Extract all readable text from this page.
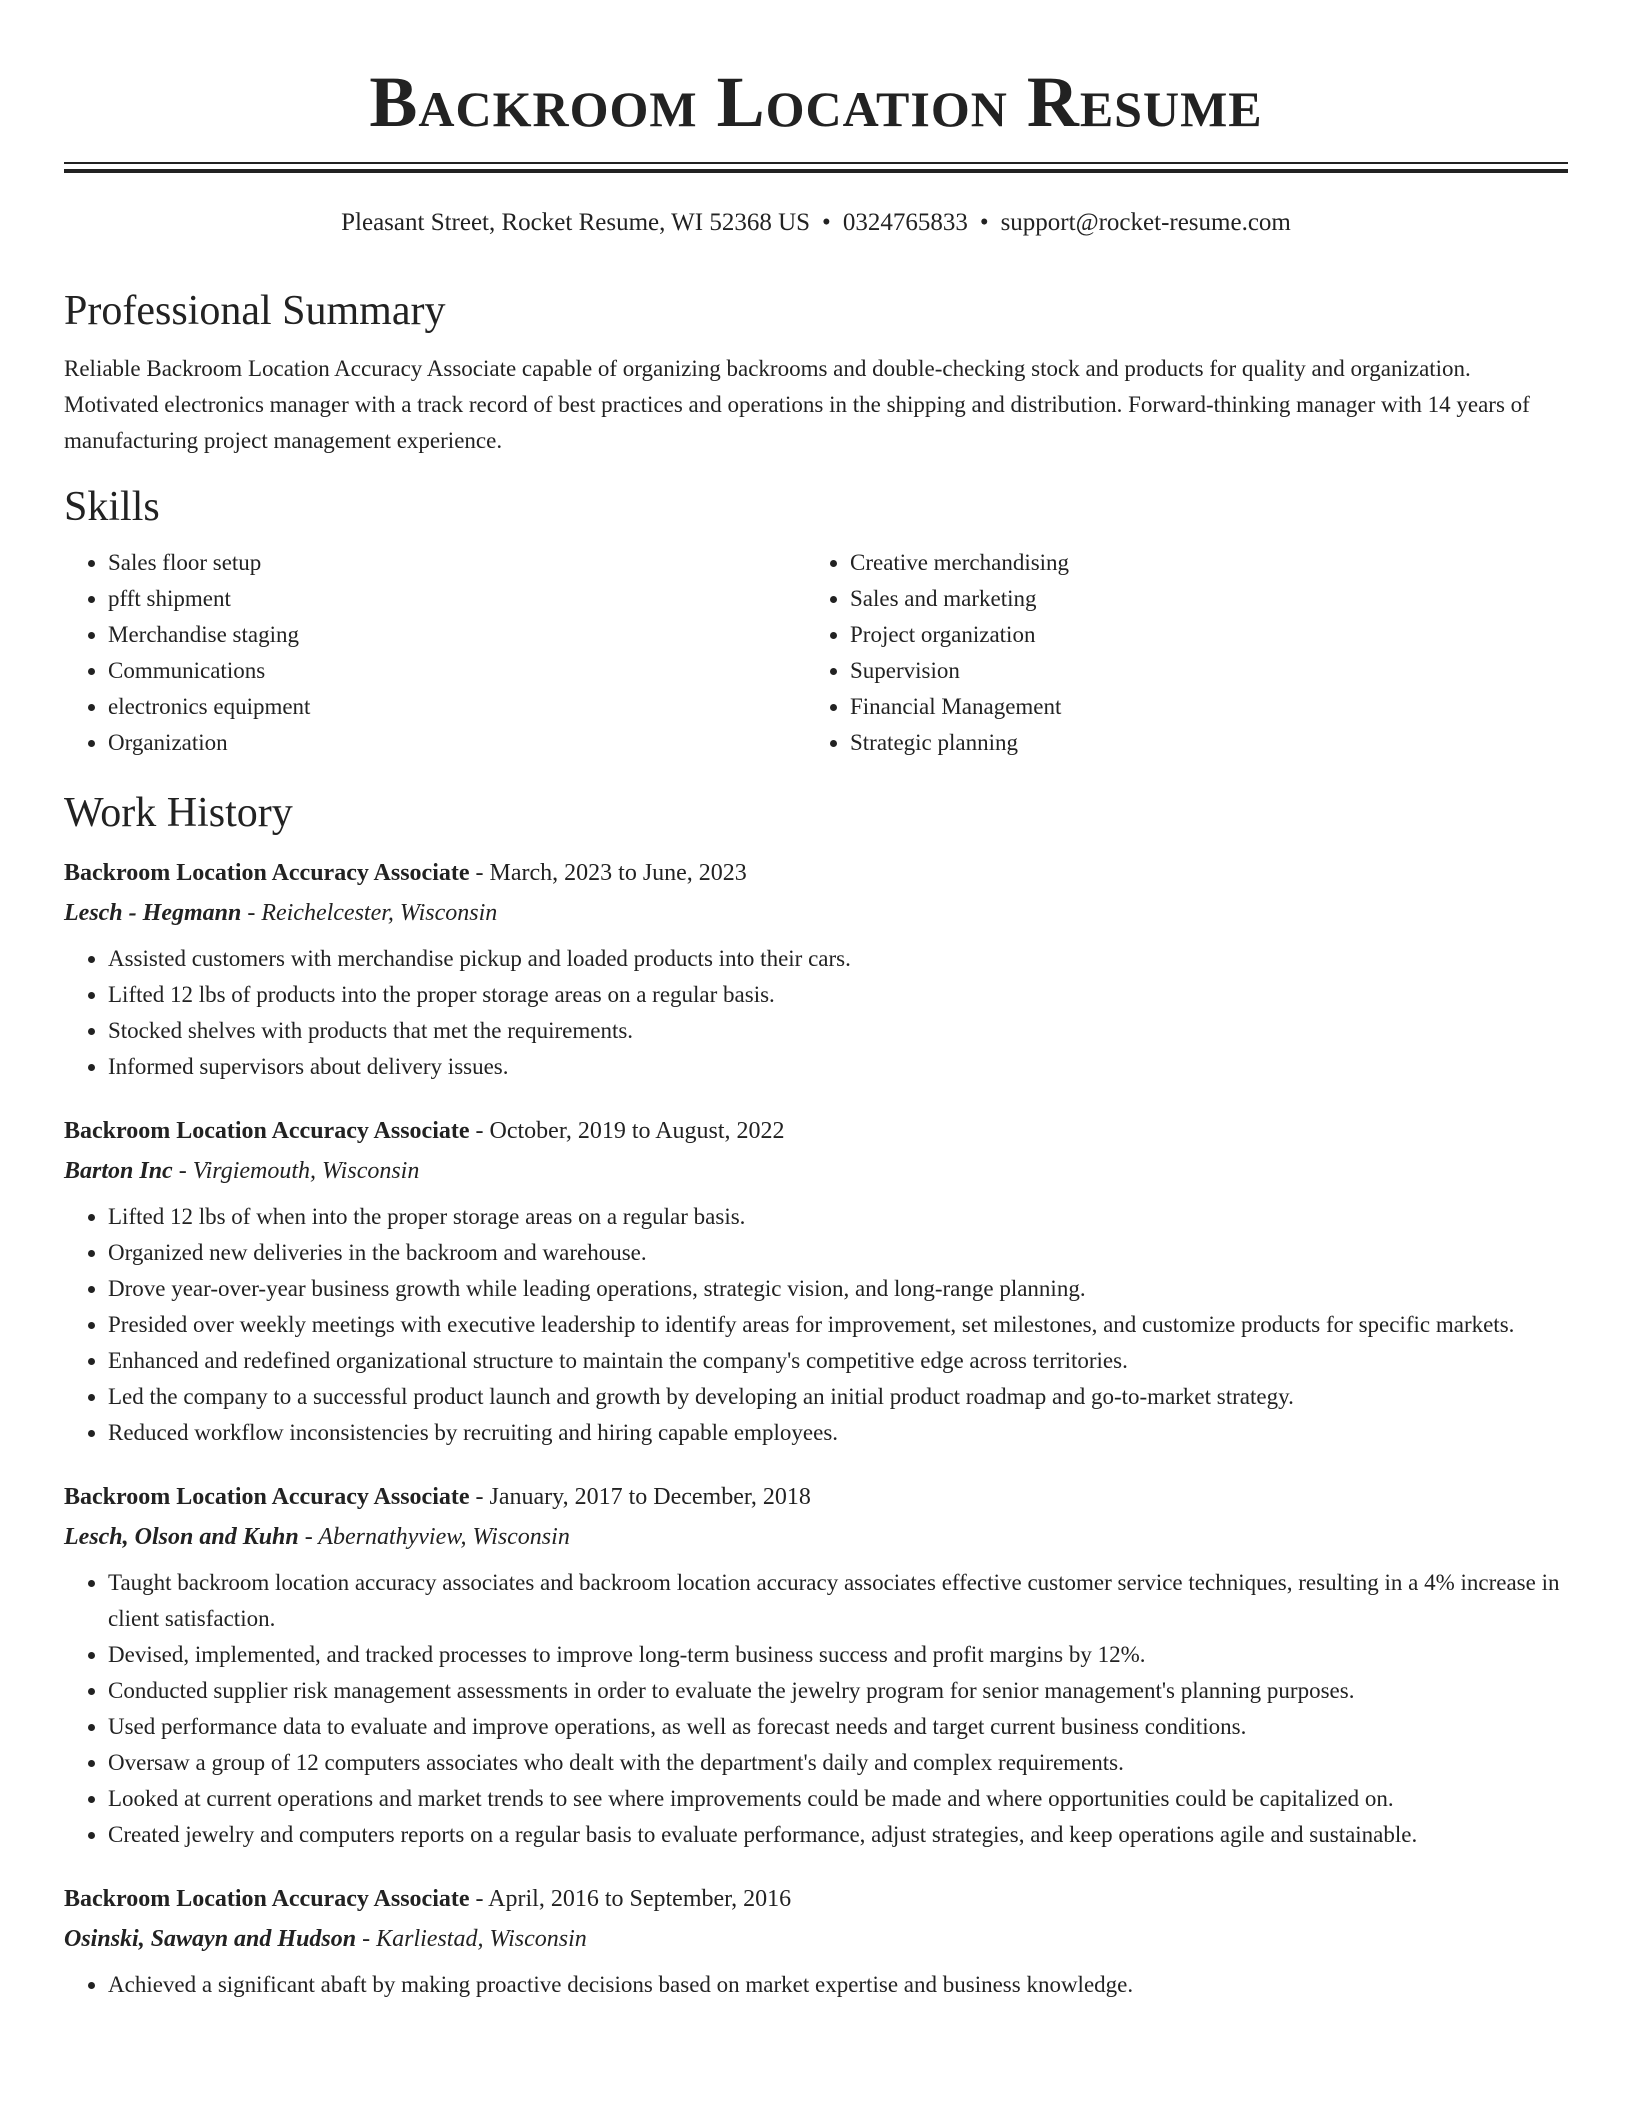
Backroom Location Resume
Pleasant Street, Rocket Resume, WI 52368 US • 0324765833 • support@rocket-resume.com
Professional Summary
Reliable Backroom Location Accuracy Associate capable of organizing backrooms and double-checking stock and products for quality and organization. Motivated electronics manager with a track record of best practices and operations in the shipping and distribution. Forward-thinking manager with 14 years of manufacturing project management experience.
Skills
• Sales floor setup
• pfft shipment
• Merchandise staging
• Communications
• electronics equipment
• Organization
• Creative merchandising
• Sales and marketing
• Project organization
• Supervision
• Financial Management
• Strategic planning
Work History
Backroom Location Accuracy Associate - March, 2023 to June, 2023
Lesch - Hegmann - Reichelcester, Wisconsin
• Assisted customers with merchandise pickup and loaded products into their cars.
• Lifted 12 lbs of products into the proper storage areas on a regular basis.
• Stocked shelves with products that met the requirements.
• Informed supervisors about delivery issues.
Backroom Location Accuracy Associate - October, 2019 to August, 2022
Barton Inc - Virgiemouth, Wisconsin
• Lifted 12 lbs of when into the proper storage areas on a regular basis.
• Organized new deliveries in the backroom and warehouse.
• Drove year-over-year business growth while leading operations, strategic vision, and long-range planning.
• Presided over weekly meetings with executive leadership to identify areas for improvement, set milestones, and customize products for specific markets.
• Enhanced and redefined organizational structure to maintain the company's competitive edge across territories.
• Led the company to a successful product launch and growth by developing an initial product roadmap and go-to-market strategy.
• Reduced workflow inconsistencies by recruiting and hiring capable employees.
Backroom Location Accuracy Associate - January, 2017 to December, 2018
Lesch, Olson and Kuhn - Abernathyview, Wisconsin
• Taught backroom location accuracy associates and backroom location accuracy associates effective customer service techniques, resulting in a 4% increase in client satisfaction.
• Devised, implemented, and tracked processes to improve long-term business success and profit margins by 12%.
• Conducted supplier risk management assessments in order to evaluate the jewelry program for senior management's planning purposes.
• Used performance data to evaluate and improve operations, as well as forecast needs and target current business conditions.
• Oversaw a group of 12 computers associates who dealt with the department's daily and complex requirements.
• Looked at current operations and market trends to see where improvements could be made and where opportunities could be capitalized on.
• Created jewelry and computers reports on a regular basis to evaluate performance, adjust strategies, and keep operations agile and sustainable.
Backroom Location Accuracy Associate - April, 2016 to September, 2016
Osinski, Sawayn and Hudson - Karliestad, Wisconsin
• Achieved a significant abaft by making proactive decisions based on market expertise and business knowledge.
